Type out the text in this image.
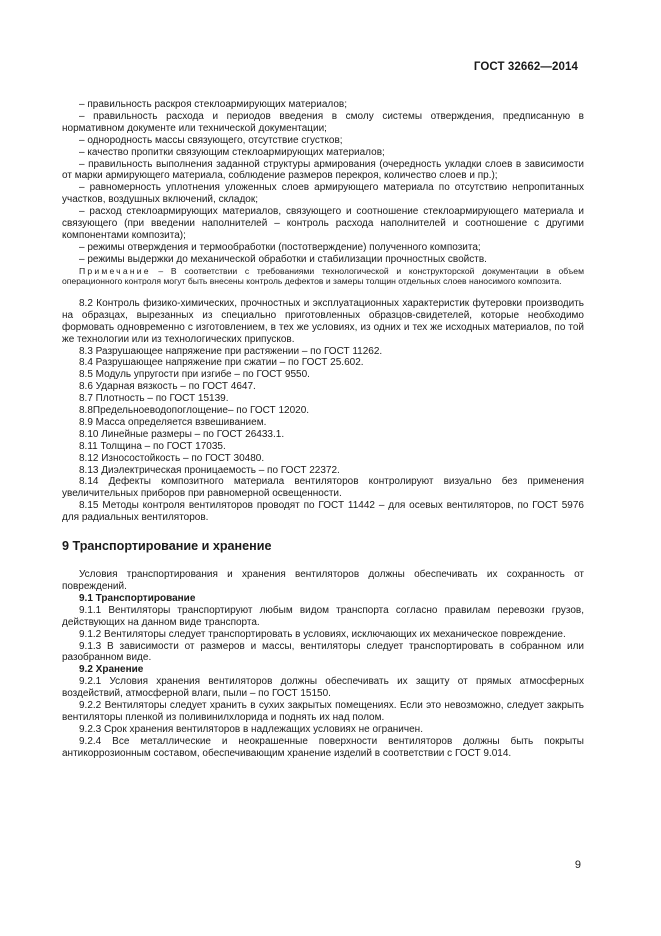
ГОСТ 32662—2014

– правильность раскроя стеклоармирующих материалов;

– правильность расхода и периодов введения в смолу системы отверждения, предписанную в нормативном документе или технической документации;

– однородность массы связующего, отсутствие сгустков;

– качество пропитки связующим стеклоармирующих материалов;

– правильность выполнения заданной структуры армирования (очередность укладки слоев в зависимости от марки армирующего материала, соблюдение размеров перекроя, количество слоев и пр.);

– равномерность уплотнения уложенных слоев армирующего материала по отсутствию непропитанных участков, воздушных включений, складок;

– расход стеклоармирующих материалов, связующего и соотношение стеклоармирующего материала и связующего (при введении наполнителей – контроль расхода наполнителей и соотношение с другими компонентами композита);

– режимы отверждения и термообработки (постотверждение) полученного композита;

– режимы выдержки до механической обработки и стабилизации прочностных свойств.

Примечание – В соответствии с требованиями технологической и конструкторской документации в объем операционного контроля могут быть внесены контроль дефектов и замеры толщин отдельных слоев наносимого композита.

8.2 Контроль физико-химических, прочностных и эксплуатационных характеристик футеровки производить на образцах, вырезанных из специально приготовленных образцов-свидетелей, которые необходимо формовать одновременно с изготовлением, в тех же условиях, из одних и тех же исходных материалов, по той же технологии или из технологических припусков.

8.3 Разрушающее напряжение при растяжении – по ГОСТ 11262.

8.4 Разрушающее напряжение при сжатии – по ГОСТ 25.602.

8.5 Модуль упругости при изгибе – по ГОСТ 9550.

8.6 Ударная вязкость – по ГОСТ 4647.

8.7 Плотность – по ГОСТ 15139.

8.8Предельноеводопоглощение– по ГОСТ 12020.

8.9 Масса определяется взвешиванием.

8.10 Линейные размеры – по ГОСТ 26433.1.

8.11 Толщина – по ГОСТ 17035.

8.12 Износостойкость – по ГОСТ 30480.

8.13 Диэлектрическая проницаемость – по ГОСТ 22372.

8.14 Дефекты композитного материала вентиляторов контролируют визуально без применения увеличительных приборов при равномерной освещенности.

8.15 Методы контроля вентиляторов проводят по ГОСТ 11442 – для осевых вентиляторов, по ГОСТ 5976 для радиальных вентиляторов.

9 Транспортирование и хранение

Условия транспортирования и хранения вентиляторов должны обеспечивать их сохранность от повреждений.

9.1 Транспортирование

9.1.1 Вентиляторы транспортируют любым видом транспорта согласно правилам перевозки грузов, действующих на данном виде транспорта.

9.1.2 Вентиляторы следует транспортировать в условиях, исключающих их механическое повреждение.

9.1.3 В зависимости от размеров и массы, вентиляторы следует транспортировать в собранном или разобранном виде.

9.2 Хранение

9.2.1 Условия хранения вентиляторов должны обеспечивать их защиту от прямых атмосферных воздействий, атмосферной влаги, пыли – по ГОСТ 15150.

9.2.2 Вентиляторы следует хранить в сухих закрытых помещениях. Если это невозможно, следует закрыть вентиляторы пленкой из поливинилхлорида и поднять их над полом.

9.2.3 Срок хранения вентиляторов в надлежащих условиях не ограничен.

9.2.4 Все металлические и неокрашенные поверхности вентиляторов должны быть покрыты антикоррозионным составом, обеспечивающим хранение изделий в соответствии с ГОСТ 9.014.

9
